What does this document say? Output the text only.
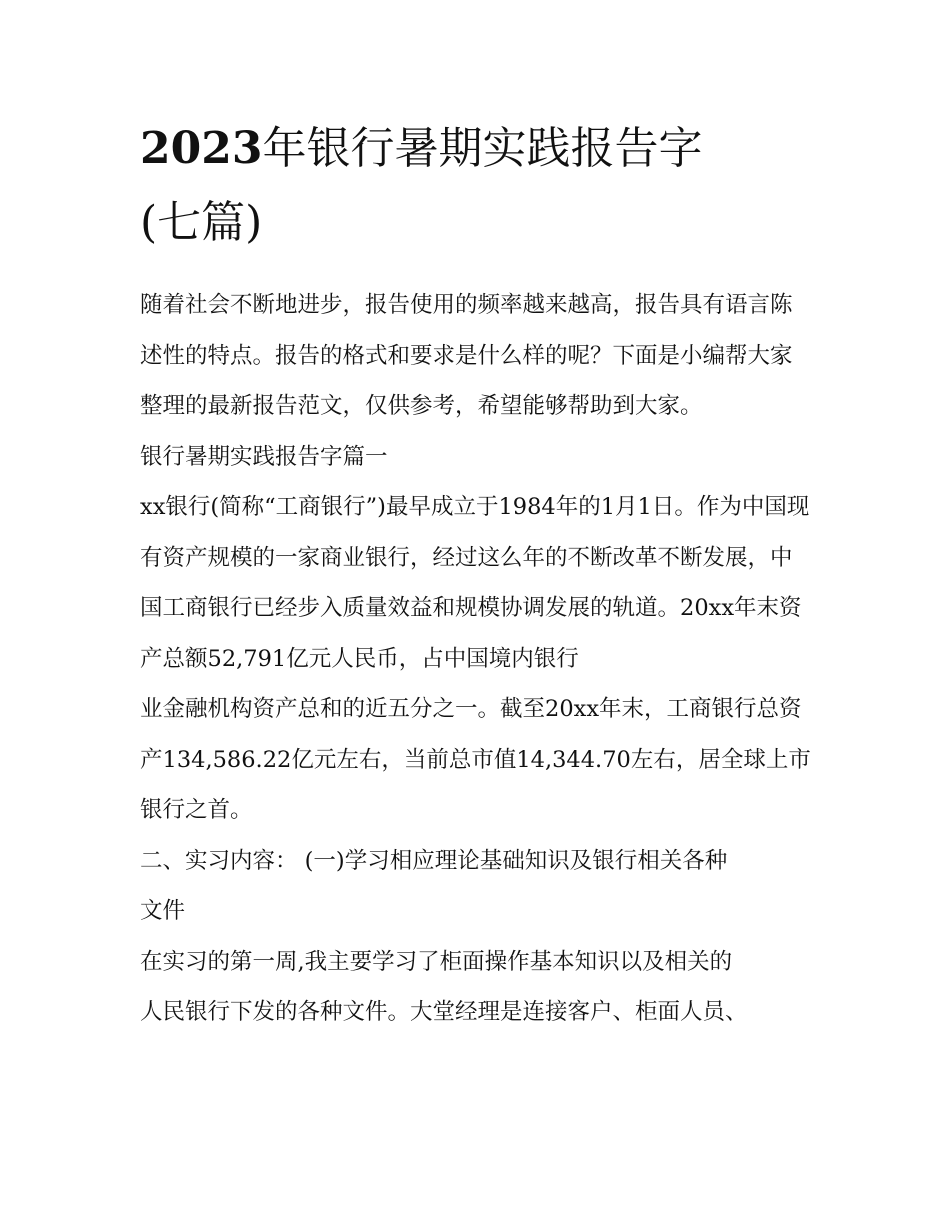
2023年银行暑期实践报告字
(七篇)

随着社会不断地进步，报告使用的频率越来越高，报告具有语言陈述性的特点。报告的格式和要求是什么样的呢？下面是小编帮大家整理的最新报告范文，仅供参考，希望能够帮助到大家。

银行暑期实践报告字篇一

xx银行(简称“工商银行”)最早成立于1984年的1月1日。作为中国现有资产规模的一家商业银行，经过这么年的不断改革不断发展，中国工商银行已经步入质量效益和规模协调发展的轨道。20xx年末资产总额52,791亿元人民币，占中国境内银行
业金融机构资产总和的近五分之一。截至20xx年末，工商银行总资产134,586.22亿元左右，当前总市值14,344.70左右，居全球上市银行之首。

二、实习内容： (一)学习相应理论基础知识及银行相关各种
文件

在实习的第一周,我主要学习了柜面操作基本知识以及相关的
人民银行下发的各种文件。大堂经理是连接客户、柜面人员、
